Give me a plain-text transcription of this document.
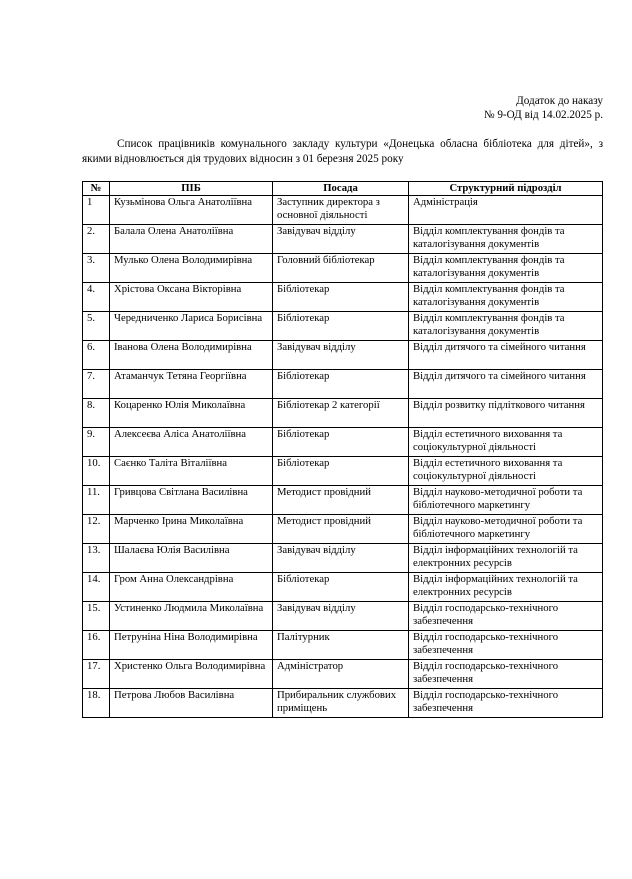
Додаток до наказу
№ 9-ОД від 14.02.2025 р.

Список працівників комунального закладу культури «Донецька обласна бібліотека для дітей», з якими відновлюється дія трудових відносин з 01 березня 2025 року

№	ПІБ	Посада	Структурний підрозділ
1	Кузьмінова Ольга Анатоліївна	Заступник директора з основної діяльності	Адміністрація
2.	Балала Олена Анатоліївна	Завідувач відділу	Відділ комплектування фондів та каталогізування документів
3.	Мулько Олена Володимирівна	Головний бібліотекар	Відділ комплектування фондів та каталогізування документів
4.	Хрістова Оксана Вікторівна	Бібліотекар	Відділ комплектування фондів та каталогізування документів
5.	Чередниченко Лариса Борисівна	Бібліотекар	Відділ комплектування фондів та каталогізування документів
6.	Іванова Олена Володимирівна	Завідувач відділу	Відділ дитячого та сімейного читання
7.	Атаманчук Тетяна Георгіївна	Бібліотекар	Відділ дитячого та сімейного читання
8.	Коцаренко Юлія Миколаївна	Бібліотекар 2 категорії	Відділ розвитку підліткового читання
9.	Алексеєва Аліса Анатоліївна	Бібліотекар	Відділ естетичного виховання та соціокультурної діяльності
10.	Саєнко Таліта Віталіївна	Бібліотекар	Відділ естетичного виховання та соціокультурної діяльності
11.	Гривцова Світлана Василівна	Методист провідний	Відділ науково-методичної роботи та бібліотечного маркетингу
12.	Марченко Ірина Миколаївна	Методист провідний	Відділ науково-методичної роботи та бібліотечного маркетингу
13.	Шалаєва Юлія Василівна	Завідувач відділу	Відділ інформаційних технологій та електронних ресурсів
14.	Гром Анна Олександрівна	Бібліотекар	Відділ інформаційних технологій та електронних ресурсів
15.	Устиненко Людмила Миколаївна	Завідувач відділу	Відділ господарсько-технічного забезпечення
16.	Петруніна Ніна Володимирівна	Палітурник	Відділ господарсько-технічного забезпечення
17.	Христенко Ольга Володимирівна	Адміністратор	Відділ господарсько-технічного забезпечення
18.	Петрова Любов Василівна	Прибиральник службових приміщень	Відділ господарсько-технічного забезпечення
